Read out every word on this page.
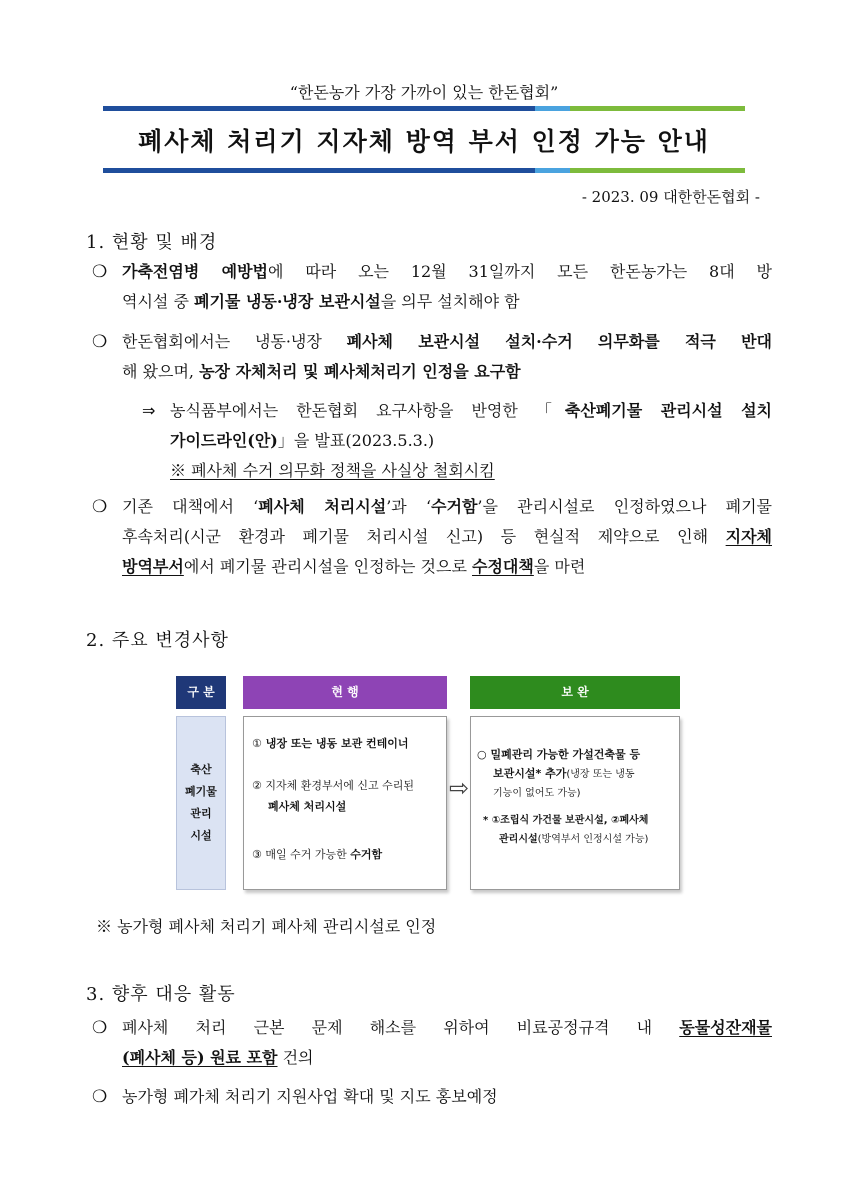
“한돈농가 가장 가까이 있는 한돈협회”
폐사체 처리기 지자체 방역 부서 인정 가능 안내
- 2023. 09 대한한돈협회 -
1. 현황 및 배경
❍ 가축전염병 예방법에 따라 오는 12월 31일까지 모든 한돈농가는 8대 방
역시설 중 폐기물 냉동·냉장 보관시설을 의무 설치해야 함
❍ 한돈협회에서는 냉동·냉장 폐사체 보관시설 설치·수거 의무화를 적극 반대
해 왔으며, 농장 자체처리 및 폐사체처리기 인정을 요구함
⇒ 농식품부에서는 한돈협회 요구사항을 반영한 「축산폐기물 관리시설 설치
가이드라인(안)」을 발표(2023.5.3.)
※ 폐사체 수거 의무화 정책을 사실상 철회시킴
❍ 기존 대책에서 ‘폐사체 처리시설’과 ‘수거함’을 관리시설로 인정하였으나 폐기물
후속처리(시군 환경과 폐기물 처리시설 신고) 등 현실적 제약으로 인해 지자체
방역부서에서 폐기물 관리시설을 인정하는 것으로 수정대책을 마련
2. 주요 변경사항
구 분	현 행	보 완
축산
폐기물
관리
시설
① 냉장 또는 냉동 보관 컨테이너
② 지자체 환경부서에 신고 수리된
폐사체 처리시설
③ 매일 수거 가능한 수거함
⇨
○ 밀폐관리 가능한 가설건축물 등
보관시설* 추가(냉장 또는 냉동
기능이 없어도 가능)
* ①조립식 가건물 보관시설, ②폐사체
관리시설(방역부서 인정시설 가능)
※ 농가형 폐사체 처리기 폐사체 관리시설로 인정
3. 향후 대응 활동
❍ 폐사체 처리 근본 문제 해소를 위하여 비료공정규격 내 동물성잔재물
(폐사체 등) 원료 포함 건의
❍ 농가형 폐가체 처리기 지원사업 확대 및 지도 홍보예정
